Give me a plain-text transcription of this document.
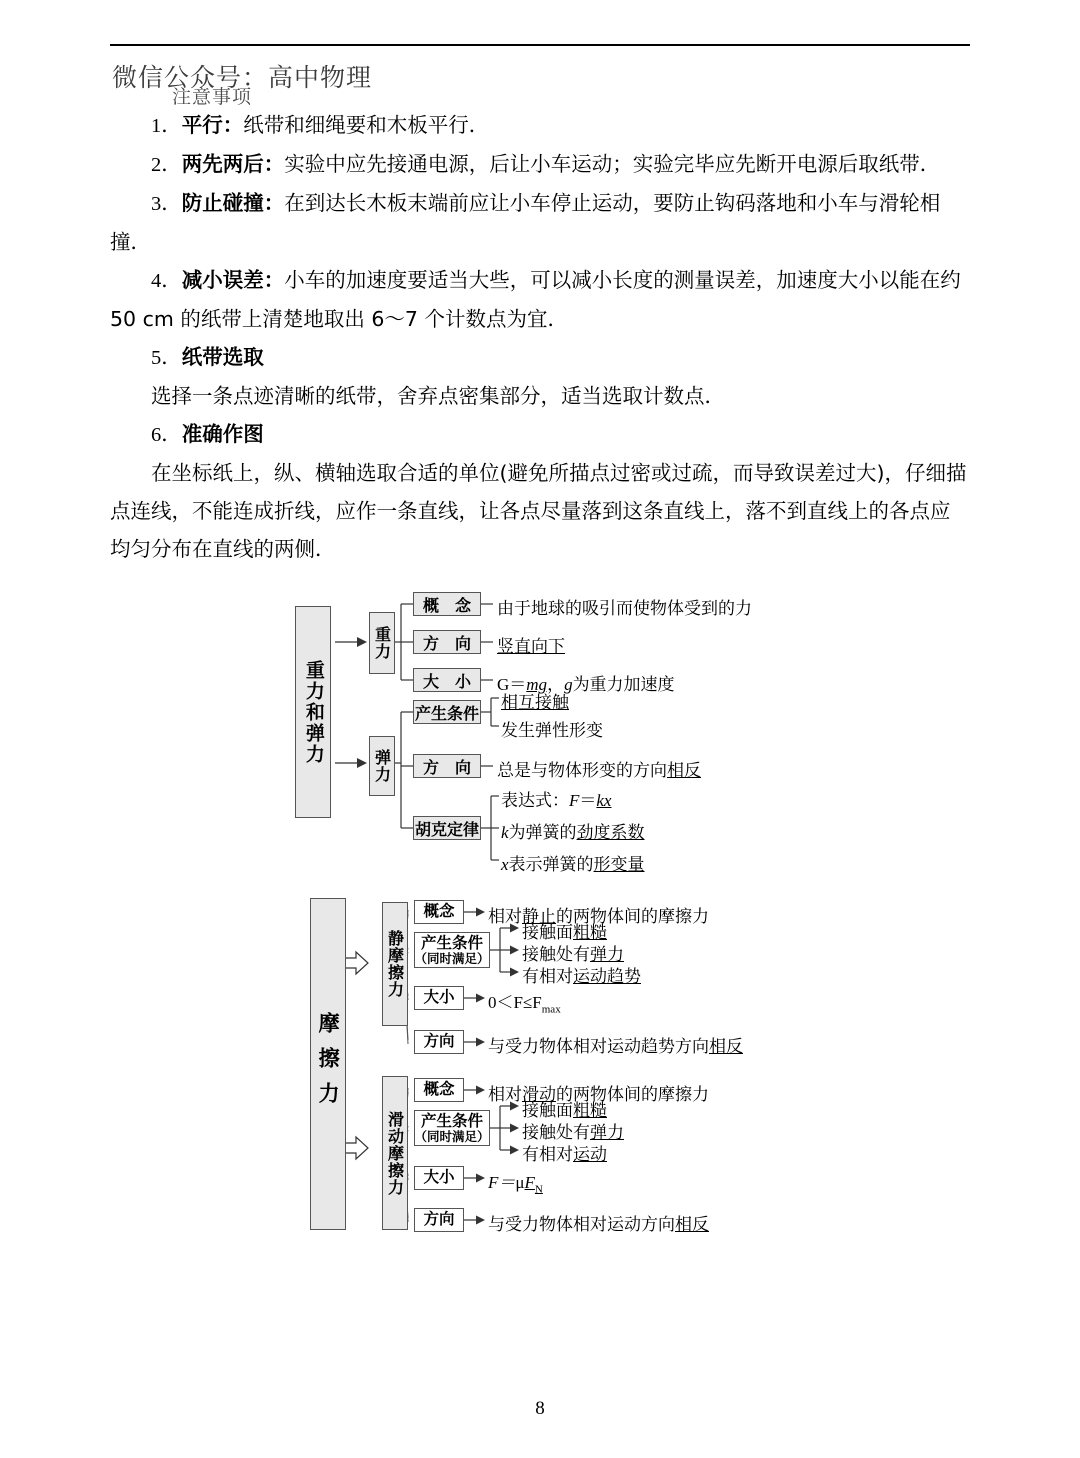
微信公众号：高中物理
注意事项

1．平行：纸带和细绳要和木板平行．

2．两先两后：实验中应先接通电源，后让小车运动；实验完毕应先断开电源后取纸带．

3．防止碰撞：在到达长木板末端前应让小车停止运动，要防止钩码落地和小车与滑轮相撞．

4．减小误差：小车的加速度要适当大些，可以减小长度的测量误差，加速度大小以能在约 50 cm 的纸带上清楚地取出 6～7 个计数点为宜．

5．纸带选取

选择一条点迹清晰的纸带，舍弃点密集部分，适当选取计数点．

6．准确作图

在坐标纸上，纵、横轴选取合适的单位(避免所描点过密或过疏，而导致误差过大)，仔细描点连线，不能连成折线，应作一条直线，让各点尽量落到这条直线上，落不到直线上的各点应均匀分布在直线的两侧．

重力和弹力
重力
弹力
概　念
方　向
大　小
产生条件
方　向
胡克定律
由于地球的吸引而使物体受到的力
竖直向下
G＝mg，g为重力加速度
相互接触
发生弹性形变
总是与物体形变的方向相反
表达式：F＝kx
k为弹簧的劲度系数
x表示弹簧的形变量
摩擦力
静摩擦力
滑动摩擦力
概念
产生条件
（同时满足）
大小
方向
概念
产生条件
（同时满足）
大小
方向
相对静止的两物体间的摩擦力
接触面粗糙
接触处有弹力
有相对运动趋势
$0<F\le F_{max}$
与受力物体相对运动趋势方向相反
相对滑动的两物体间的摩擦力
接触面粗糙
接触处有弹力
有相对运动
$F=\mu F_N$
与受力物体相对运动方向相反
8
